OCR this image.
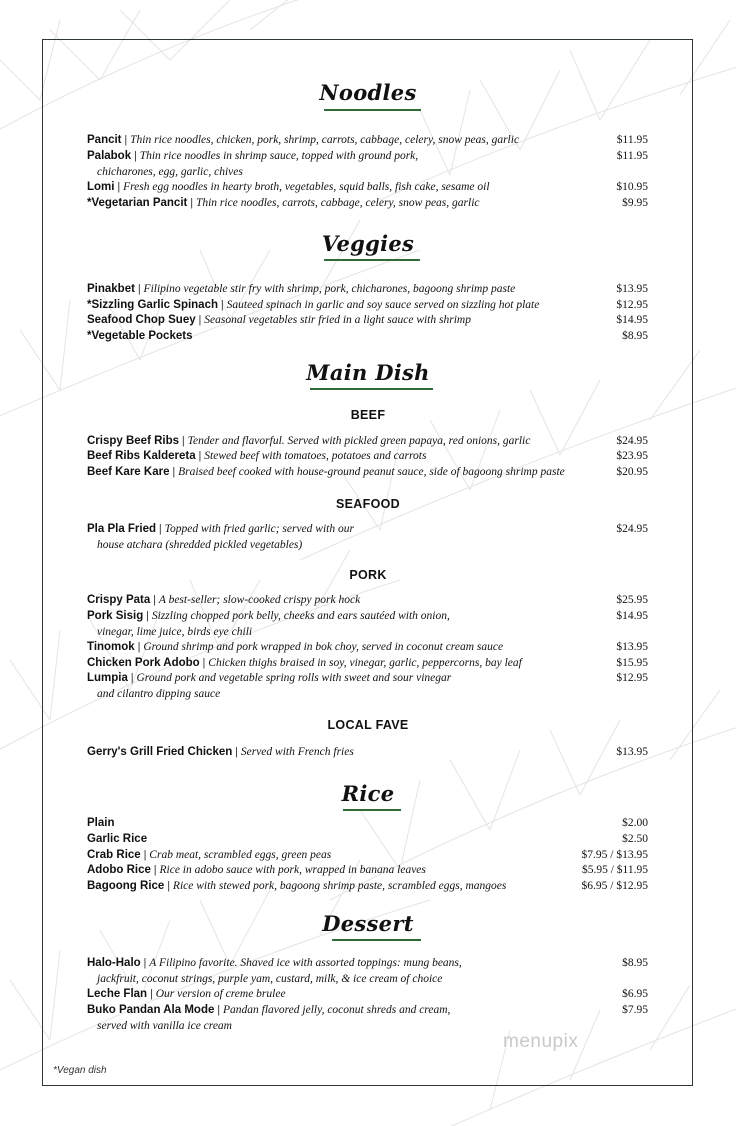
Noodles
Pancit | Thin rice noodles, chicken, pork, shrimp, carrots, cabbage, celery, snow peas, garlic	$11.95
Palabok | Thin rice noodles in shrimp sauce, topped with ground pork,	$11.95
chicharones, egg, garlic, chives
Lomi | Fresh egg noodles in hearty broth, vegetables, squid balls, fish cake, sesame oil	$10.95
*Vegetarian Pancit | Thin rice noodles, carrots, cabbage, celery, snow peas, garlic	$9.95
Veggies
Pinakbet | Filipino vegetable stir fry with shrimp, pork, chicharones, bagoong shrimp paste	$13.95
*Sizzling Garlic Spinach | Sauteed spinach in garlic and soy sauce served on sizzling hot plate	$12.95
Seafood Chop Suey | Seasonal vegetables stir fried in a light sauce with shrimp	$14.95
*Vegetable Pockets	$8.95
Main Dish
BEEF
Crispy Beef Ribs | Tender and flavorful. Served with pickled green papaya, red onions, garlic	$24.95
Beef Ribs Kaldereta | Stewed beef with tomatoes, potatoes and carrots	$23.95
Beef Kare Kare | Braised beef cooked with house-ground peanut sauce, side of bagoong shrimp paste	$20.95
SEAFOOD
Pla Pla Fried | Topped with fried garlic; served with our	$24.95
house atchara (shredded pickled vegetables)
PORK
Crispy Pata | A best-seller; slow-cooked crispy pork hock	$25.95
Pork Sisig | Sizzling chopped pork belly, cheeks and ears sautéed with onion,	$14.95
vinegar, lime juice, birds eye chili
Tinomok | Ground shrimp and pork wrapped in bok choy, served in coconut cream sauce	$13.95
Chicken Pork Adobo | Chicken thighs braised in soy, vinegar, garlic, peppercorns, bay leaf	$15.95
Lumpia | Ground pork and vegetable spring rolls with sweet and sour vinegar	$12.95
and cilantro dipping sauce
LOCAL FAVE
Gerry's Grill Fried Chicken | Served with French fries	$13.95
Rice
Plain	$2.00
Garlic Rice	$2.50
Crab Rice | Crab meat, scrambled eggs, green peas	$7.95 / $13.95
Adobo Rice | Rice in adobo sauce with pork, wrapped in banana leaves	$5.95 / $11.95
Bagoong Rice | Rice with stewed pork, bagoong shrimp paste, scrambled eggs, mangoes	$6.95 / $12.95
Dessert
Halo-Halo | A Filipino favorite. Shaved ice with assorted toppings: mung beans,	$8.95
jackfruit, coconut strings, purple yam, custard, milk, & ice cream of choice
Leche Flan | Our version of creme brulee	$6.95
Buko Pandan Ala Mode | Pandan flavored jelly, coconut shreds and cream,	$7.95
served with vanilla ice cream
menupix
*Vegan dish
